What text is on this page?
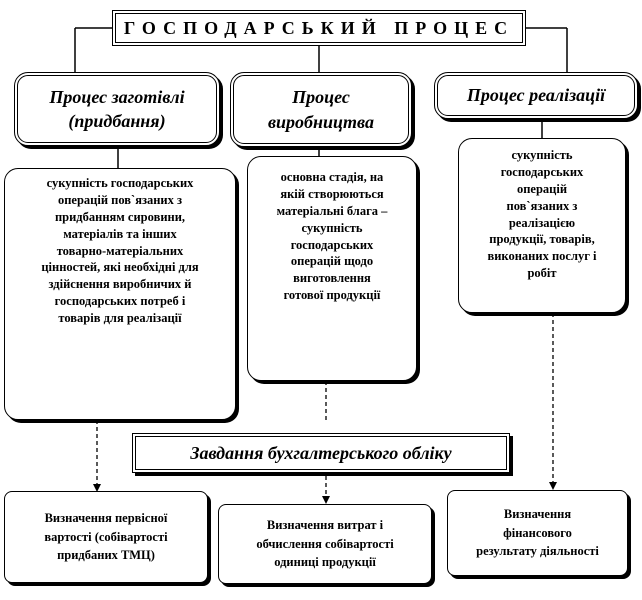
ГОСПОДАРСЬКИЙ ПРОЦЕС
Процес заготівлі
(придбання)
Процес
виробництва
Процес реалізації
сукупність господарських
операцій пов`язаних з
придбанням сировини,
матеріалів та інших
товарно-матеріальних
цінностей, які необхідні для
здійснення виробничих й
господарських потреб і
товарів для реалізації
основна стадія, на
якій створюються
матеріальні блага –
сукупність
господарських
операцій щодо
виготовлення
готової продукції
сукупність
господарських
операцій
пов`язаних з
реалізацією
продукції, товарів,
виконаних послуг і
робіт
Завдання бухгалтерського обліку
Визначення первісної
вартості (собівартості
придбаних ТМЦ)
Визначення витрат і
обчислення собівартості
одиниці продукції
Визначення
фінансового
результату діяльності
